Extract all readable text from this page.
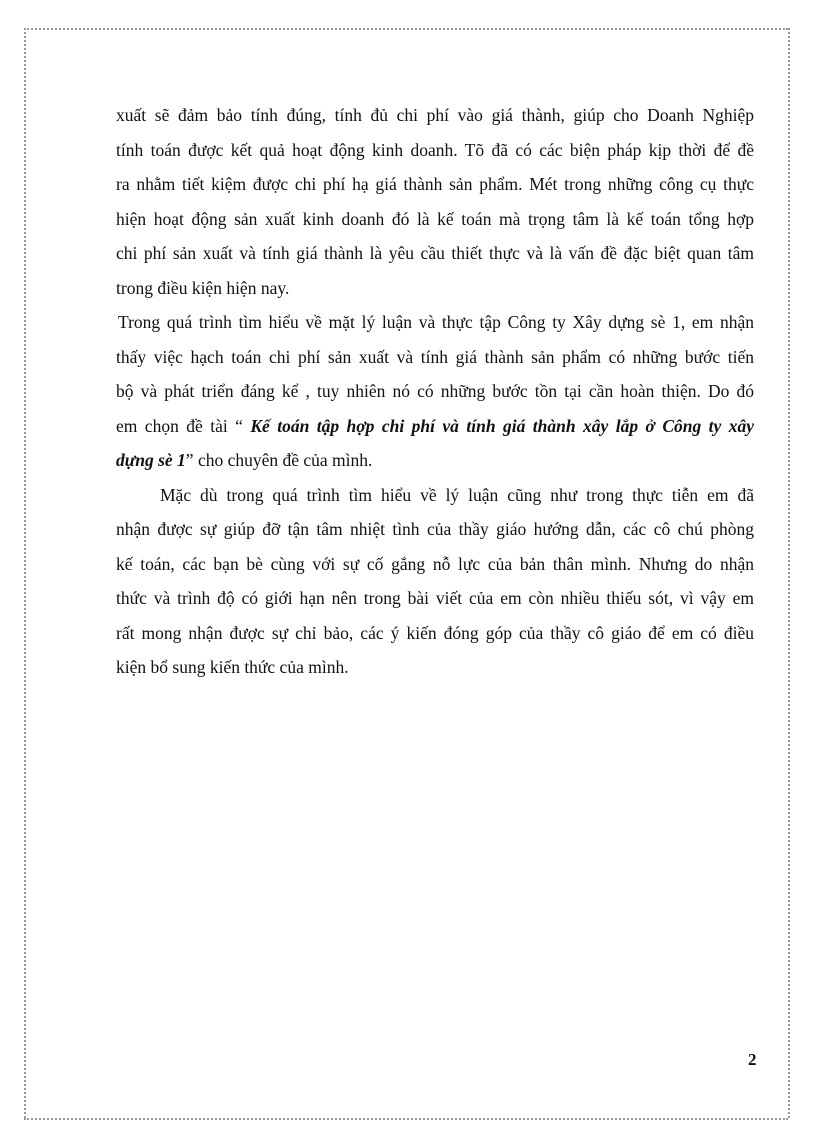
xuất sẽ đảm bảo tính đúng, tính đủ chi phí vào giá thành, giúp cho Doanh Nghiệp
tính toán được kết quả hoạt động kinh doanh. Tõ đã có các biện pháp kịp thời để đề
ra nhằm tiết kiệm được chi phí hạ giá thành sản phẩm. Mét trong những công cụ thực
hiện hoạt động sản xuất kinh doanh đó là kế toán mà trọng tâm là kế toán tổng hợp
chi phí sản xuất và tính giá thành là yêu cầu thiết thực và là vấn đề đặc biệt quan tâm
trong điều kiện hiện nay.
Trong quá trình tìm hiểu về mặt lý luận và thực tập Công ty Xây dựng sè 1, em nhận
thấy việc hạch toán chi phí sản xuất và tính giá thành sản phẩm có những bước tiến
bộ và phát triển đáng kể , tuy nhiên nó có những bước tồn tại cần hoàn thiện. Do đó
em chọn đề tài “ Kế toán tập hợp chi phí và tính giá thành xây lắp ở Công ty xây
dựng sè 1” cho chuyên đề của mình.
Mặc dù trong quá trình tìm hiểu về lý luận cũng như trong thực tiễn em đã
nhận được sự giúp đỡ tận tâm nhiệt tình của thầy giáo hướng dẫn, các cô chú phòng
kế toán, các bạn bè cùng với sự cố gắng nỗ lực của bản thân mình. Nhưng do nhận
thức và trình độ có giới hạn nên trong bài viết của em còn nhiều thiếu sót, vì vậy em
rất mong nhận được sự chỉ bảo, các ý kiến đóng góp của thầy cô giáo để em có điều
kiện bổ sung kiến thức của mình.
2
